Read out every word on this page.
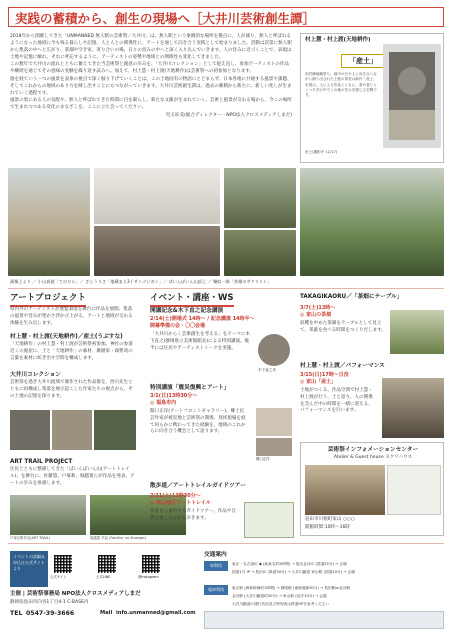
実践の蓄積から、創生の現場へ［大井川芸術創生譚］

2018年から開催してきた「UNMANNED 無人駅の芸術祭／大井川」は、無人駅という象徴的な場所を拠点に、人が減り、無人と呼ばれるようになった地域に今も残る暮らしや記憶、人と人との関係性に、アートを通して向き合う実践として始まりました。活動は次第に無人駅から集落の中へと広がり、茶畑や空き家、寄り合いの場、日々の営みの中へと深く入り込んでいきます。人の営みに近づくことで、表現は土地や記憶に触れ、それに呼応するように、アーティストの姿勢や地域との関係性も変化してきました。

この数年で大井川の流れとともに蓄えてきた当芸術祭と創意の歩みを、「大井川コレクション」として捉え直し、参加アーティストの作品や継続を通じてその意味の実験を繰り返す試みへ。加えて、村上慧・村上渡(天地耕作)は芸術祭への初参加となります。

旅を経ていうーつの風景を表象の視点で深く掘り下げていくことは、この土地固有の物語にとどまらず、日本各地に共通する風景や課題、そしてこれからの地域のあり方を映し出すことにもつながっていきます。大井川芸術創生譚は、過去の蓄積から新たに、新しい兆しが生まれていく過程です。

風景の奥にある人の気配や、無人と呼ばれてきた時間に目を凝らし、新たな文脈が生まれていく。芸術と風景が交わる場から、今この場所で生まれつつある変化のまなざしを、ここに立ち会ってください。

児玉絵美(総合ディレクター・NPO法人クロスメディアしまだ)

村上慧・村上渡(天地耕作)
「産土」
田村郷地蔵祭り。地中の石や土と向き合いながら創り出された土壁の茶室は新作「産土」を展示。土による作品とともに、茶の香りとくつろぎの中でこの地の営みを感じる空間です。
産土(撮影中 12/17)
画像上より ／ 小山真徳「てのひら」／ さとうりさ「地蔵まえ3 / サトゴジガン」／ ぱいんぱいん山頂上 ／ 樂似一郎「茶畑のサクリスト」
アートプロジェクト
県内外のアーティストが展覧筆落を舞台に作品を展開、集落の風景や営みが豊かさ浮かび上がる、アートと地域が交わる体験を生み出します。
村上慧・村上渡(天地耕作)／産土(うぶすな)
「天地耕作」の村上慧・村上渡が芸術祭初参加。神社の参道近くの廃屋に、土と「天地耕作」の素材、舞踏家・森繁哉の言葉を素材に紡ぎ出す空間を構成します。
大井川コレクション
芸術祭を過ぎ大井川流域で制作された作品群を、西川先生とともに再構成し集落を展示起こした作家たちの視点から、その土地の記憶を探ります。
ART TRAIL PROJECT
住民とともに整備してきた「ぱいんぱいん山(アートトレイル)」を舞台に、佐藤悠、戸塚莉、堀越寛らが作品を発表。アートの歩みを体感します。
戸塚正路作品(ART TRAIL)	堀越寛 作品 (Familiar no Stranger)
イベント・講座・WS
開講記念&木下直之記念講演
2/14(土)開場式 14時〜 / 記念講演 14時半〜
開幕準備の会・〇〇会場
「大井川からく芸術創生を考える」をテーマに木下直之(静岡県立美術館館長)による特別講演。後半には住民やアーティストトークを実施。
木下直之氏
特別講演「震災復興とアート」
3/1(日)13時30分〜
◎ 福島市内
開口正洋(アートフロントギャラリー)、郷土民芸作家が被災地と芸術祭の関係、発祥現場を経て何らかに携わってきた経験を、地域のこれからに向き合う機会として語ります。
開口正洋
散歩道／アートトレイルガイドツアー
2/21(土)13時30分〜
◎ 家山地区アートトレイル
作家自ら案内するガイドツアー。作品や自然を楽しみながら歩きます。
TAKAGIKAORU／「茶畑にテーブル」
3/7(土)13時〜
◎ 家山の茶畑
収穫を中めた茶畑をテーブルとして見立て、茶葉を食べる時間をつくりだします。
村上慧・村上渡／パフォーマンス
3/15(日)17時〜日没
◎ 家山「産土」
土地がつくる、作品空間で村上慧・村上渡が行う、土と語り、人の関係を含んだ中の時間を一緒に迎える、パフォーマンスを行います。
芸術祭インフォメーションセンター
Atelier & Guest house ヌクリハウス
島田市川根町家山 ○○○
開館時間:10時〜16時
イベントの詳細＆申込は公式サイトより
公式サイト	公式LINE	@Instagram
主催 | 芸術祭事務局 NPO法人クロスメディアしまだ
静岡県島田市向谷1丁目4-1 C-BASE内
TEL 0547-39-3666	Mail info.unmanned@gmail.com
交通案内
車利用
電車利用
東京・名古屋IC ◆ (新東名約2時間) → 島田金谷IC (国道25分) → 会場
国道1号 IP → 島田IC (県道30分) → 大井川鐵道 家山駅 (国道10分) → 会場
東京駅 (JR新幹線約1時間) → 静岡駅 (東海道線30分) → 島田駅or金谷駅
金谷駅 (大井川鐵道約30分) → 家山駅 (徒歩10分) → 会場
大井川鐵道の運行状況及び時刻表は鉄道HPを参考ください
